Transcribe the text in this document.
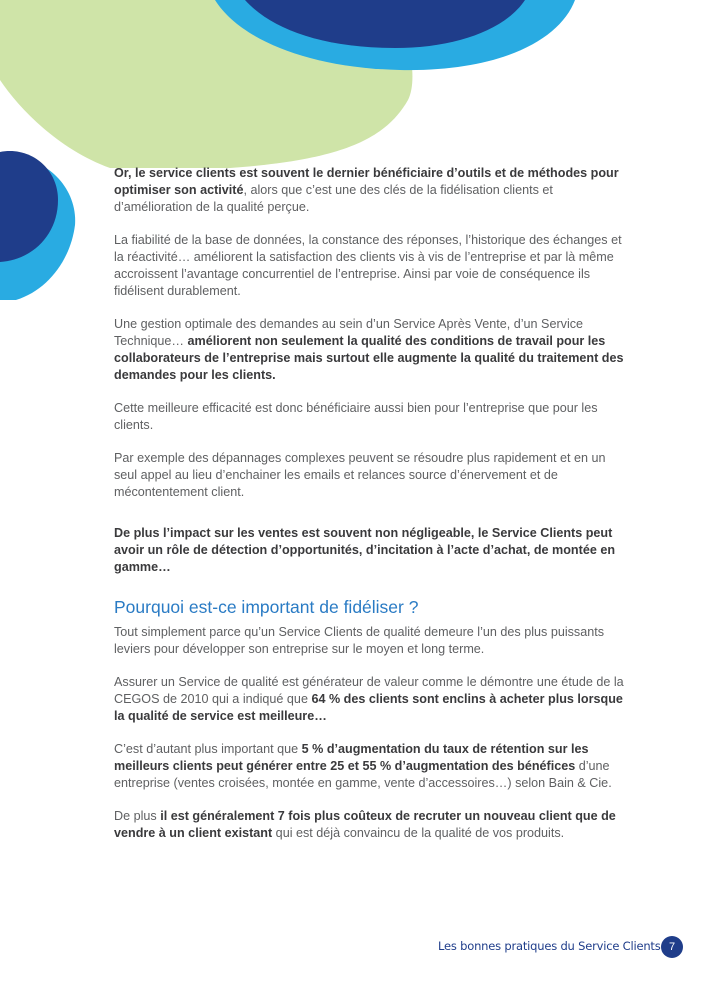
Or, le service clients est souvent le dernier bénéficiaire d’outils et de méthodes pour optimiser son activité, alors que c’est une des clés de la fidélisation clients et d’amélioration de la qualité perçue.

La fiabilité de la base de données, la constance des réponses, l’historique des échanges et la réactivité… améliorent la satisfaction des clients vis à vis de l’entreprise et par là même accroissent l’avantage concurrentiel de l’entreprise. Ainsi par voie de conséquence ils fidélisent durablement.

Une gestion optimale des demandes au sein d’un Service Après Vente, d’un Service Technique… améliorent non seulement la qualité des conditions de travail pour les collaborateurs de l’entreprise mais surtout elle augmente la qualité du traitement des demandes pour les clients.

Cette meilleure efficacité est donc bénéficiaire aussi bien pour l’entreprise que pour les clients.

Par exemple des dépannages complexes peuvent se résoudre plus rapidement et en un seul appel au lieu d’enchainer les emails et relances source d’énervement et de mécontentement client.

De plus l’impact sur les ventes est souvent non négligeable, le Service Clients peut avoir un rôle de détection d’opportunités, d’incitation à l’acte d’achat, de montée en gamme…

Pourquoi est-ce important de fidéliser ?

Tout simplement parce qu’un Service Clients de qualité demeure l’un des plus puissants leviers pour développer son entreprise sur le moyen et long terme.

Assurer un Service de qualité est générateur de valeur comme le démontre une étude de la CEGOS de 2010 qui a indiqué que 64 % des clients sont enclins à acheter plus lorsque la qualité de service est meilleure…

C’est d’autant plus important que 5 % d’augmentation du taux de rétention sur les meilleurs clients peut générer entre 25 et 55 % d’augmentation des bénéfices d’une entreprise (ventes croisées, montée en gamme, vente d’accessoires…) selon Bain & Cie.

De plus il est généralement 7 fois plus coûteux de recruter un nouveau client que de vendre à un client existant qui est déjà convaincu de la qualité de vos produits.

Les bonnes pratiques du Service Clients 7
